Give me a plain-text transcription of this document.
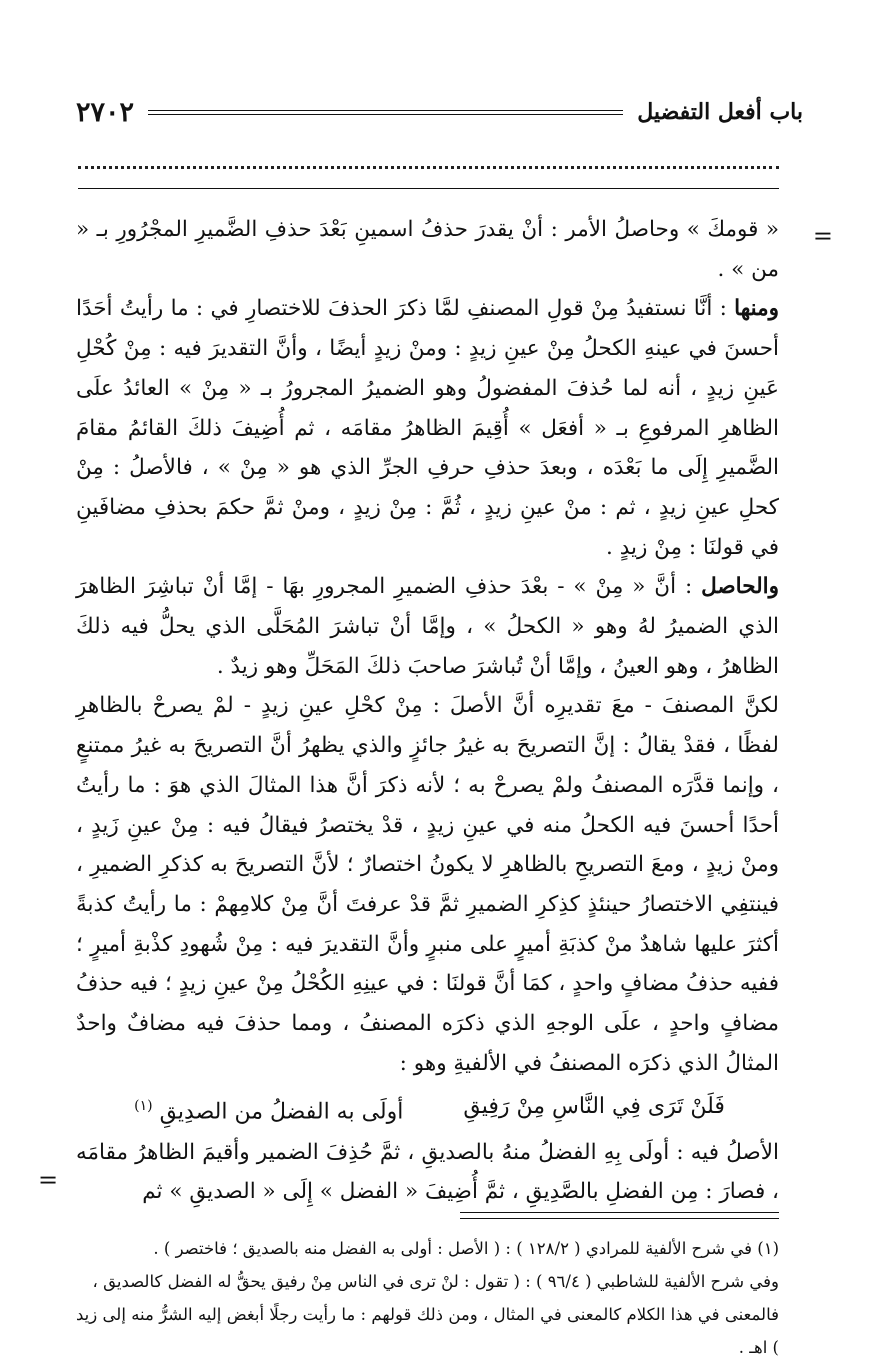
٢٧٠٢	باب أفعل التفضيل
=

« قومكَ » وحاصلُ الأمر : أنْ يقدرَ حذفُ اسمينِ بَعْدَ حذفِ الضَّميرِ المجْرُورِ بـ « من » .

ومنها : أنَّا نستفيدُ مِنْ قولِ المصنفِ لمَّا ذكرَ الحذفَ للاختصارِ في : ما رأيتُ أحَدًا أحسنَ في عينهِ الكحلُ مِنْ عينِ زيدٍ : ومنْ زيدٍ أيضًا ، وأنَّ التقديرَ فيه : مِنْ كُحْلِ عَينِ زيدٍ ، أنه لما حُذفَ المفضولُ وهو الضميرُ المجرورُ بـ « مِنْ » العائدُ علَى الظاهرِ المرفوعِ بـ « أفعَل » أُقِيمَ الظاهرُ مقامَه ، ثم أُضِيفَ ذلكَ القائمُ مقامَ الضَّميرِ إِلَى ما بَعْدَه ، وبعدَ حذفِ حرفِ الجرِّ الذي هو « مِنْ » ، فالأصلُ : مِنْ كحلِ عينِ زيدٍ ، ثم : منْ عينِ زيدٍ ، ثُمَّ : مِنْ زيدٍ ، ومنْ ثمَّ حكمَ بحذفِ مضافَينِ في قولنَا : مِنْ زيدٍ .

والحاصل : أنَّ « مِنْ » - بعْدَ حذفِ الضميرِ المجرورِ بهَا - إمَّا أنْ تباشِرَ الظاهرَ الذي الضميرُ لهُ وهو « الكحلُ » ، وإمَّا أنْ تباشرَ المُحَلَّى الذي يحلُّ فيه ذلكَ الظاهرُ ، وهو العينُ ، وإمَّا أنْ تُباشرَ صاحبَ ذلكَ المَحَلِّ وهو زيدٌ .

لكنَّ المصنفَ - معَ تقديرِه أنَّ الأصلَ : مِنْ كحْلِ عينِ زيدٍ - لمْ يصرحْ بالظاهرِ لفظًا ، فقدْ يقالُ : إنَّ التصريحَ به غيرُ جائزٍ والذي يظهرُ أنَّ التصريحَ به غيرُ ممتنعٍ ، وإنما قدَّرَه المصنفُ ولمْ يصرحْ به ؛ لأنه ذكرَ أنَّ هذا المثالَ الذي هوَ : ما رأيتُ أحدًا أحسنَ فيه الكحلُ منه في عينِ زيدٍ ، قدْ يختصرُ فيقالُ فيه : مِنْ عينِ زَيدٍ ، ومنْ زيدٍ ، ومعَ التصريحِ بالظاهرِ لا يكونُ اختصارٌ ؛ لأنَّ التصريحَ به كذكرِ الضميرِ ، فينتفِي الاختصارُ حينئذٍ كذِكرِ الضميرِ ثمَّ قدْ عرفتَ أنَّ مِنْ كلامِهمْ : ما رأيتُ كذبةً أكثرَ عليها شاهدٌ منْ كذبَةِ أميرٍ على منبرٍ وأنَّ التقديرَ فيه : مِنْ شُهودِ كذْبةِ أميرٍ ؛ ففيه حذفُ مضافٍ واحدٍ ، كمَا أنَّ قولنَا : في عينِهِ الكُحْلُ مِنْ عينِ زيدٍ ؛ فيه حذفُ مضافٍ واحدٍ ، علَى الوجهِ الذي ذكرَه المصنفُ ، ومما حذفَ فيه مضافٌ واحدٌ المثالُ الذي ذكرَه المصنفُ في الألفيةِ وهو :

فَلَنْ تَرَى فِي النَّاسِ مِنْ رَفِيقِ
أولَى به الفضلُ من الصدِيقِ $^{(١)}$

الأصلُ فيه : أولَى بِهِ الفضلُ منهُ بالصديقِ ، ثمَّ حُذِفَ الضمير وأقيمَ الظاهرُ مقامَه ، فصارَ : مِن الفضلِ بالصَّدِيقِ ، ثمَّ أُضِيفَ « الفضل » إِلَى « الصديقِ » ثم

=

(١) في شرح الألفية للمرادي ( ١٢٨/٢ ) : ( الأصل : أولى به الفضل منه بالصديق ؛ فاختصر ) .

وفي شرح الألفية للشاطبي ( ٩٦/٤ ) : ( تقول : لنْ ترى في الناس مِنْ رفيق يحقُّ له الفضل كالصديق ،

فالمعنى في هذا الكلام كالمعنى في المثال ، ومن ذلك قولهم : ما رأيت رجلًا أبغض إليه الشرُّ منه إلى زيد ) اهـ .
